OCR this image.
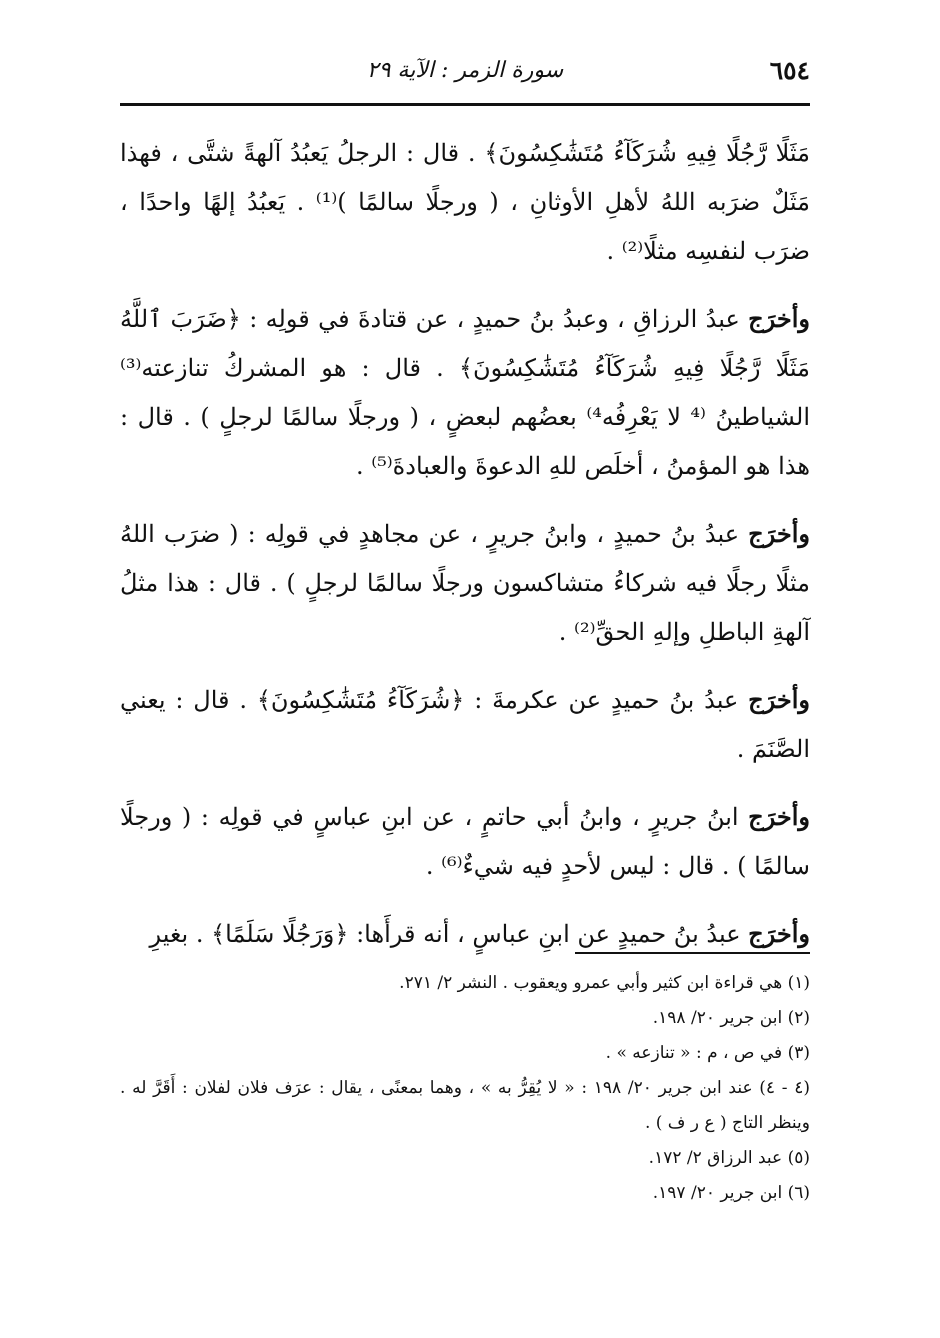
٦٥٤
سورة الزمر : الآية ٢٩

مَثَلًا رَّجُلًا فِيهِ شُرَكَآءُ مُتَشَٰكِسُونَ﴾ . قال : الرجلُ يَعبُدُ آلهةً شتَّى ، فهذا مَثَلٌ ضرَبه اللهُ لأهلِ الأوثانِ ، ( ورجلًا سالمًا )⁽¹⁾ . يَعبُدُ إلهًا واحدًا ، ضرَب لنفسِه مثلًا⁽²⁾ .

وأخرَج عبدُ الرزاقِ ، وعبدُ بنُ حميدٍ ، عن قتادةَ في قولِه : ﴿ضَرَبَ ٱللَّهُ مَثَلًا رَّجُلًا فِيهِ شُرَكَآءُ مُتَشَٰكِسُونَ﴾ . قال : هو المشركُ تنازعته⁽³⁾ الشياطينُ ⁽⁴ لا يَعْرِفُه⁴⁾ بعضُهم لبعضٍ ، ( ورجلًا سالمًا لرجلٍ ) . قال : هذا هو المؤمنُ ، أخلَص للهِ الدعوةَ والعبادةَ⁽⁵⁾ .

وأخرَج عبدُ بنُ حميدٍ ، وابنُ جريرٍ ، عن مجاهدٍ في قولِه : ( ضرَب اللهُ مثلًا رجلًا فيه شركاءُ متشاكسون ورجلًا سالمًا لرجلٍ ) . قال : هذا مثلُ آلهةِ الباطلِ وإلهِ الحقِّ⁽²⁾ .

وأخرَج عبدُ بنُ حميدٍ عن عكرمةَ : ﴿شُرَكَآءُ مُتَشَٰكِسُونَ﴾ . قال : يعني الصَّنَمَ .

وأخرَج ابنُ جريرٍ ، وابنُ أبي حاتمٍ ، عن ابنِ عباسٍ في قولِه : ( ورجلًا سالمًا ) . قال : ليس لأحدٍ فيه شيءٌ⁽⁶⁾ .

وأخرَج عبدُ بنُ حميدٍ عن ابنِ عباسٍ ، أنه قرأَها: ﴿وَرَجُلًا سَلَمًا﴾ . بغيرِ

(١) هي قراءة ابن كثير وأبي عمرو ويعقوب . النشر ٢/ ٢٧١.

(٢) ابن جرير ٢٠/ ١٩٨.

(٣) في ص ، م : « تنازعه » .

(٤ - ٤) عند ابن جرير ٢٠/ ١٩٨ : « لا يُقِرُّ به » ، وهما بمعنًى ، يقال : عرَف فلان لفلان : أَقَرَّ له . وينظر التاج ( ع ر ف ) .

(٥) عبد الرزاق ٢/ ١٧٢.

(٦) ابن جرير ٢٠/ ١٩٧.
